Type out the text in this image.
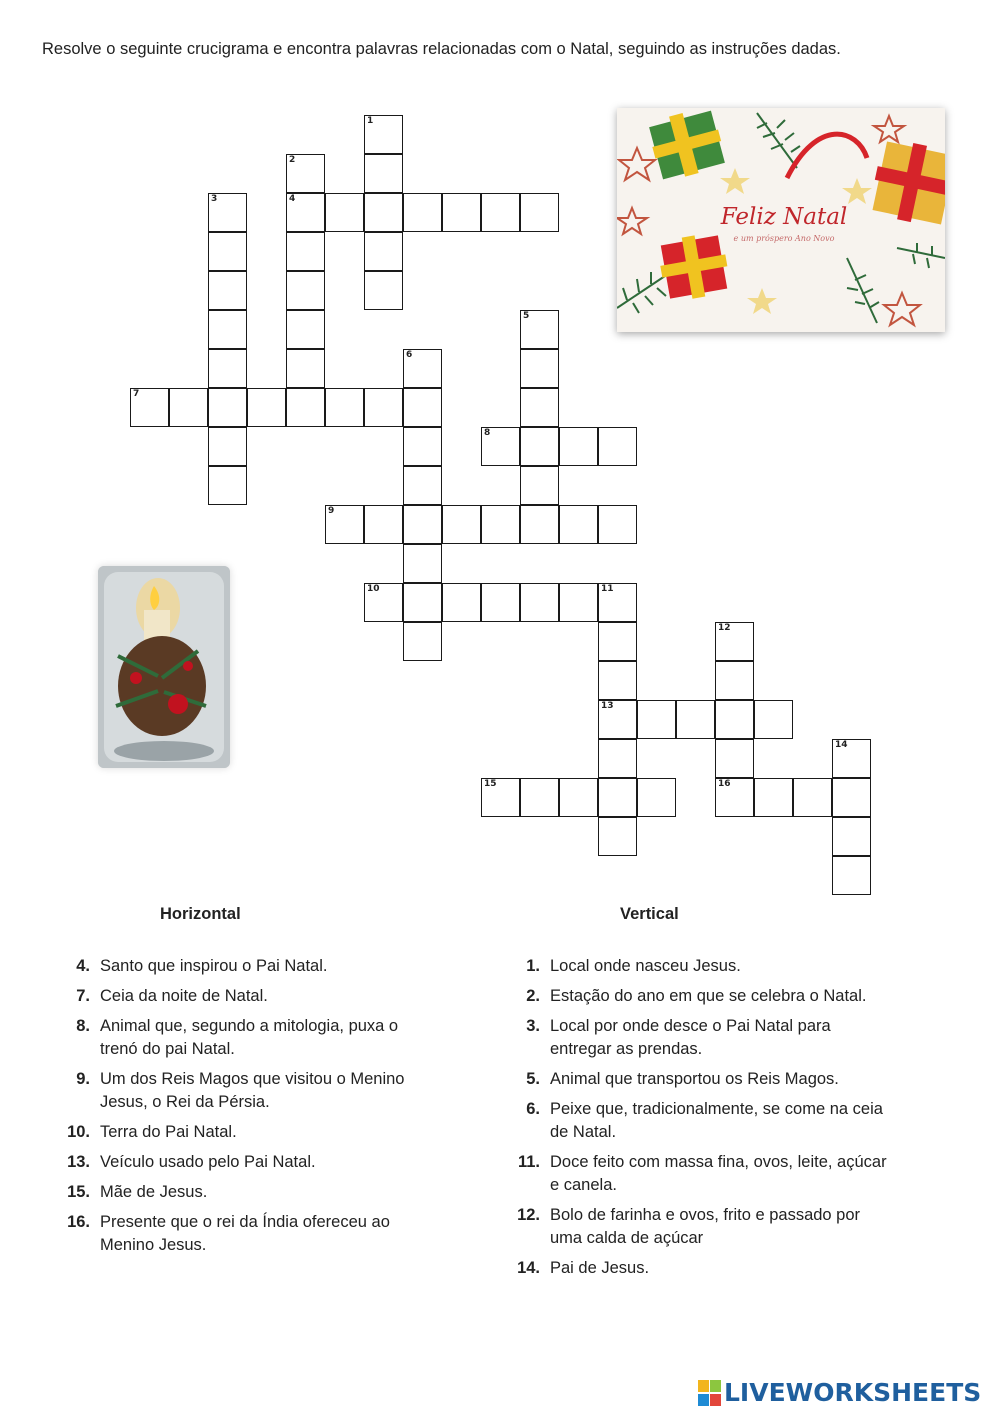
Resolve o seguinte crucigrama e encontra palavras relacionadas com o Natal, seguindo as instruções dadas.
1
2
4
3
5
6
7
8
9
10	11
13
12
16
14
15
Feliz Natal
e um próspero Ano Novo
Horizontal	Vertical
4. Santo que inspirou o Pai Natal.
7. Ceia da noite de Natal.
8. Animal que, segundo a mitologia, puxa o
trenó do pai Natal.
9. Um dos Reis Magos que visitou o Menino
Jesus, o Rei da Pérsia.
10. Terra do Pai Natal.
13. Veículo usado pelo Pai Natal.
15. Mãe de Jesus.
16. Presente que o rei da Índia ofereceu ao
Menino Jesus.
1. Local onde nasceu Jesus.
2. Estação do ano em que se celebra o Natal.
3. Local por onde desce o Pai Natal para
entregar as prendas.
5. Animal que transportou os Reis Magos.
6. Peixe que, tradicionalmente, se come na ceia
de Natal.
11. Doce feito com massa fina, ovos, leite, açúcar
e canela.
12. Bolo de farinha e ovos, frito e passado por
uma calda de açúcar
14. Pai de Jesus.
LIVEWORKSHEETS
